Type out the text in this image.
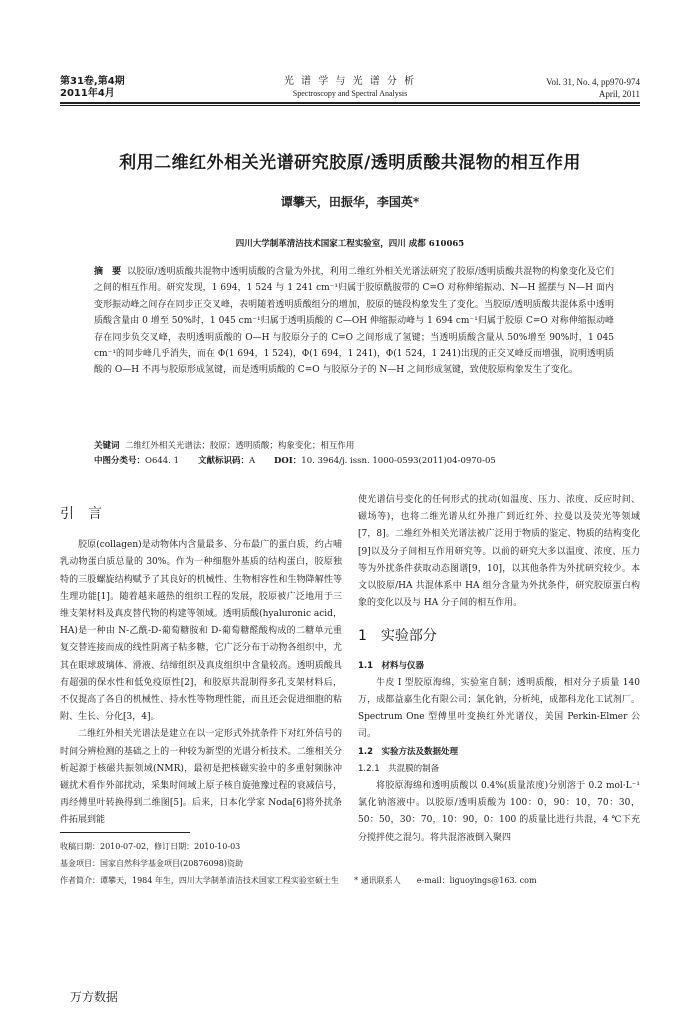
第31卷,第4期
2011年4月
光 谱 学 与 光 谱 分 析
Spectroscopy and Spectral Analysis
Vol. 31, No. 4, pp970-974
April, 2011
利用二维红外相关光谱研究胶原/透明质酸共混物的相互作用
谭攀天，田振华，李国英*
四川大学制革清洁技术国家工程实验室，四川 成都 610065
摘　要 以胶原/透明质酸共混物中透明质酸的含量为外扰，利用二维红外相关光谱法研究了胶原/透明质酸共混物的构象变化及它们之间的相互作用。研究发现，1 694，1 524 与 1 241 cm⁻¹归属于胶原酰胺带的 C=O 对称伸缩振动、N—H 摇摆与 N—H 面内变形振动峰之间存在同步正交叉峰，表明随着透明质酸组分的增加，胶原的链段构象发生了变化。当胶原/透明质酸共混体系中透明质酸含量由 0 增至 50%时，1 045 cm⁻¹归属于透明质酸的 C—OH 伸缩振动峰与 1 694 cm⁻¹归属于胶原 C=O 对称伸缩振动峰存在同步负交叉峰，表明透明质酸的 O—H 与胶原分子的 C=O 之间形成了氢键；当透明质酸含量从 50%增至 90%时，1 045 cm⁻¹的同步峰几乎消失，而在 Φ(1 694，1 524)，Φ(1 694，1 241)，Φ(1 524，1 241)出现的正交叉峰反而增强，说明透明质酸的 O—H 不再与胶原形成氢键，而是透明质酸的 C=O 与胶原分子的 N—H 之间形成氢键，致使胶原构象发生了变化。
关键词 二维红外相关光谱法；胶原；透明质酸；构象变化；相互作用
中图分类号：O644. 1 文献标识码：A DOI：10. 3964/j. issn. 1000-0593(2011)04-0970-05
引　言

胶原(collagen)是动物体内含量最多、分布最广的蛋白质，约占哺乳动物蛋白质总量的 30%。作为一种细胞外基质的结构蛋白，胶原独特的三股螺旋结构赋予了其良好的机械性、生物相容性和生物降解性等生理功能[1]。随着越来越热的组织工程的发展，胶原被广泛地用于三维支架材料及真皮替代物的构建等领域。透明质酸(hyaluronic acid，HA)是一种由 N-乙酰-D-葡萄糖胺和 D-葡萄糖醛酸构成的二糖单元重复交替连接而成的线性阴离子粘多糖，它广泛分布于动物各组织中，尤其在眼球玻璃体、滑液、结缔组织及真皮组织中含量较高。透明质酸具有超强的保水性和低免疫原性[2]，和胶原共混制得多孔支架材料后，不仅提高了各自的机械性、持水性等物理性能，而且还会促进细胞的粘附、生长、分化[3，4]。

二维红外相关光谱法是建立在以一定形式外扰条件下对红外信号的时间分辨检测的基础之上的一种较为新型的光谱分析技术。二维相关分析起源于核磁共振领域(NMR)，最初是把核磁实验中的多重射频脉冲磁扰术看作外部扰动，采集时间域上原子核自旋弛豫过程的衰减信号，再经傅里叶转换得到二维图[5]。后来，日本化学家 Noda[6]将外扰条件拓展到能

使光谱信号变化的任何形式的扰动(如温度、压力、浓度、反应时间、磁场等)，也将二维光谱从红外推广到近红外、拉曼以及荧光等领域[7，8]。二维红外相关光谱法被广泛用于物质的鉴定、物质的结构变化[9]以及分子间相互作用研究等。以前的研究大多以温度、浓度、压力等为外扰条件获取动态图谱[9，10]，以其他条件为外扰研究较少。本文以胶原/HA 共混体系中 HA 组分含量为外扰条件，研究胶原蛋白构象的变化以及与 HA 分子间的相互作用。

1　实验部分
1.1　材料与仪器

牛皮 I 型胶原海绵，实验室自制；透明质酸，相对分子质量 140 万，成都益嘉生化有限公司；氯化钠，分析纯，成都科龙化工试剂厂。Spectrum One 型傅里叶变换红外光谱仪，美国 Perkin-Elmer 公司。

1.2　实验方法及数据处理
1.2.1　共混膜的制备

将胶原海绵和透明质酸以 0.4%(质量浓度)分别溶于 0.2 mol·L⁻¹氯化钠溶液中。以胶原/透明质酸为 100：0，90：10，70：30，50：50，30：70，10：90，0：100 的质量比进行共混，4 ℃下充分搅拌使之混匀。将共混溶液倒入聚四

收稿日期：2010-07-02，修订日期：2010-10-03
基金项目：国家自然科学基金项目(20876098)资助
作者简介：谭攀天，1984 年生，四川大学制革清洁技术国家工程实验室硕士生 * 通讯联系人　　e-mail：liguoyings@163. com
万方数据
